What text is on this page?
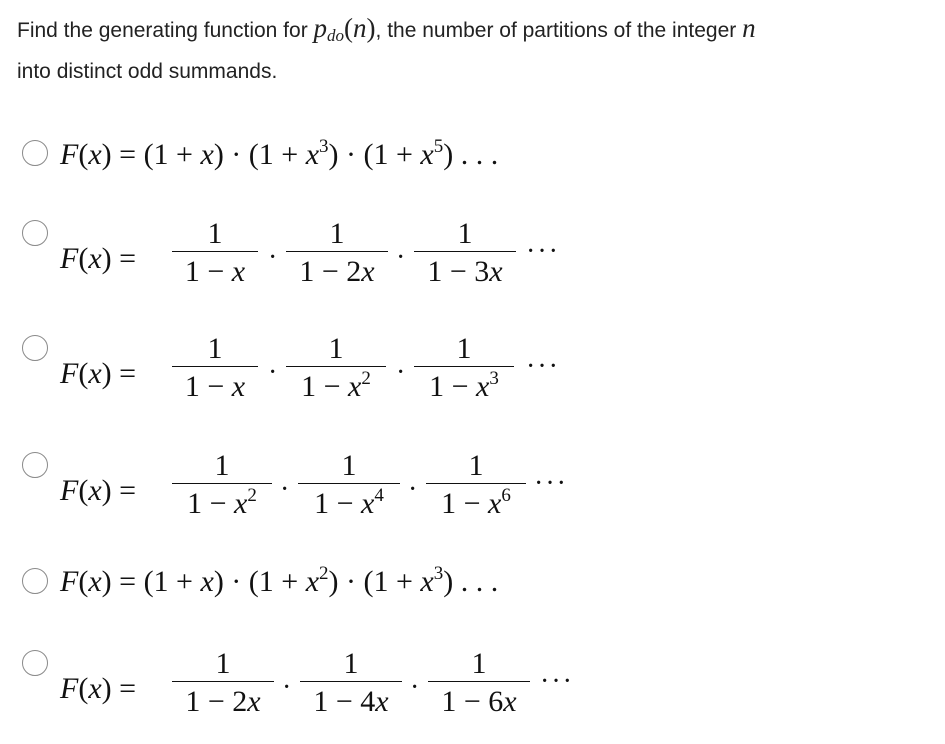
Find the generating function for pdo(n), the number of partitions of the integer n
into distinct odd summands.
$F(x) = (1 + x) \cdot (1 + x^3) \cdot (1 + x^5)$ . . .
F(x) =
1
1 − x ·
1
1 − 2x ·
1
1 − 3x
···
F(x) =
1
1 − x ·
1
$1 - x^2$ ·
1
$1 - x^3$ ···
F(x) =
1
$1 - x^2$ ·
1
$1 - x^4$ ·
1
$1 - x^6$ ···
$F(x) = (1 + x) \cdot (1 + x^2) \cdot (1 + x^3)$ . . .
F(x) =
1
1 − 2x ·
1
1 − 4x ·
1
1 − 6x
···
